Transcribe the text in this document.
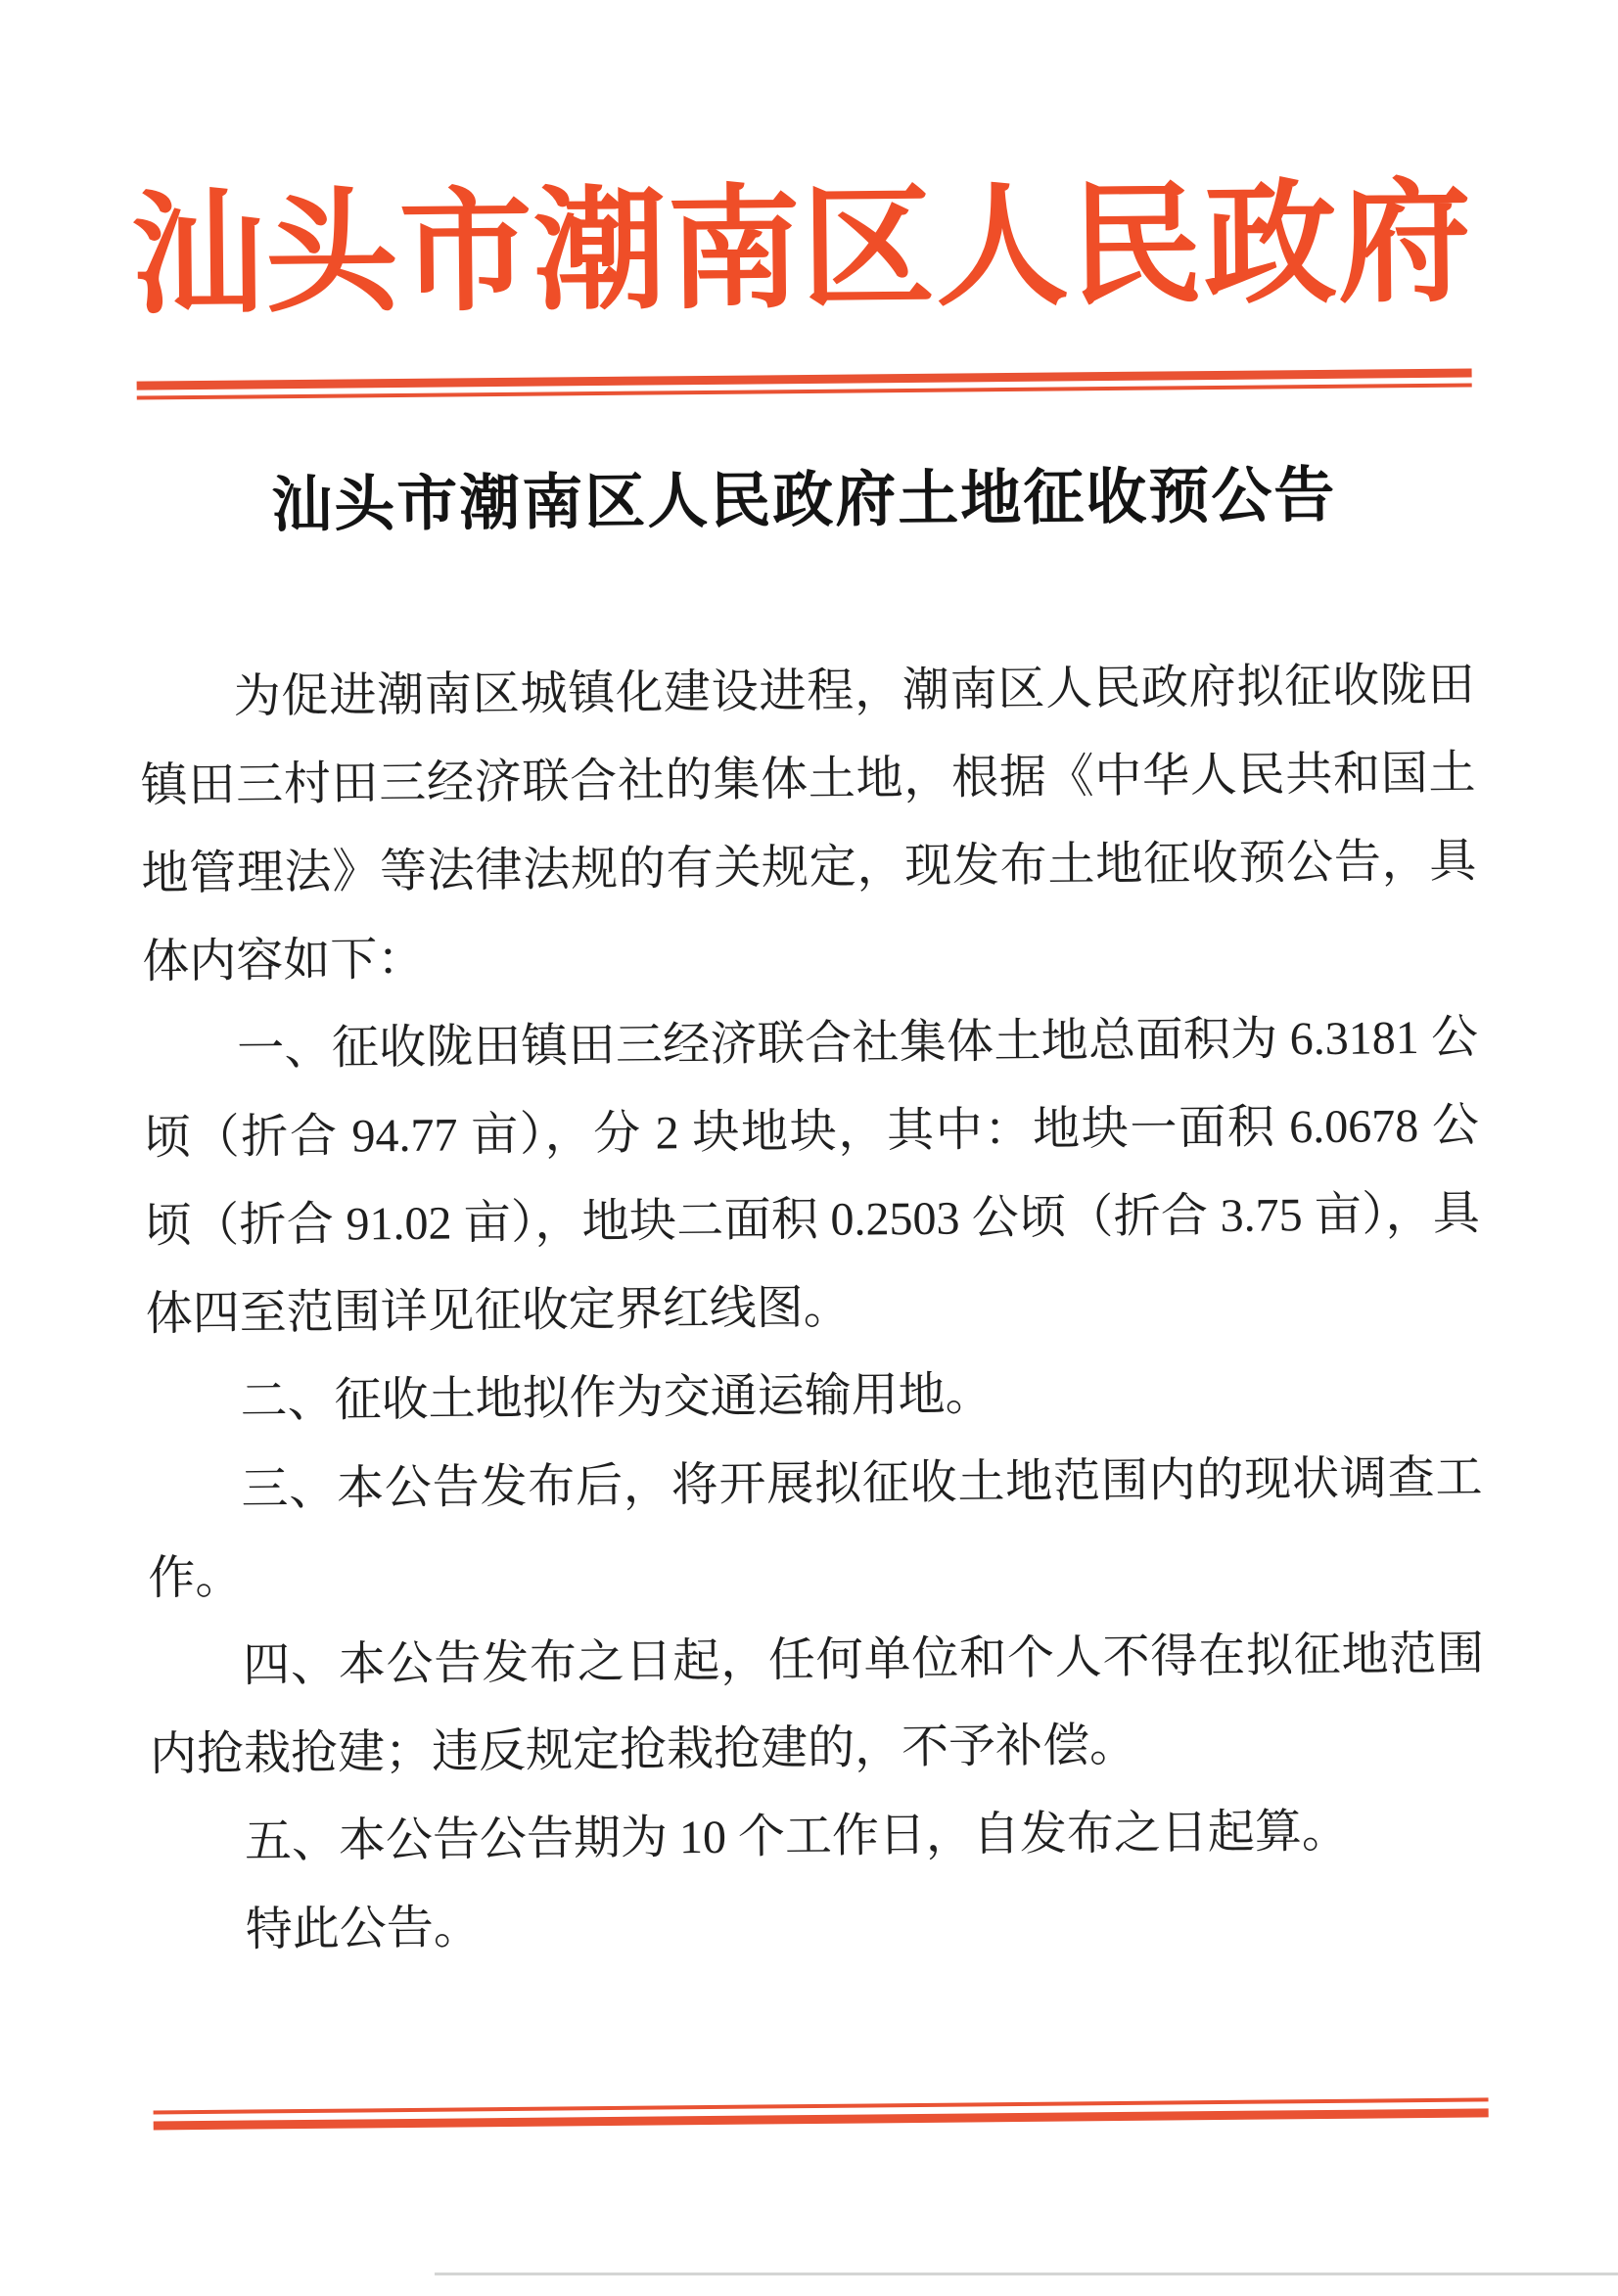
汕头市潮南区人民政府
汕头市潮南区人民政府土地征收预公告

为促进潮南区城镇化建设进程，潮南区人民政府拟征收陇田镇田三村田三经济联合社的集体土地，根据《中华人民共和国土地管理法》等法律法规的有关规定，现发布土地征收预公告，具体内容如下：

一、征收陇田镇田三经济联合社集体土地总面积为 6.3181 公顷（折合 94.77 亩），分 2 块地块，其中：地块一面积 6.0678 公顷（折合 91.02 亩），地块二面积 0.2503 公顷（折合 3.75 亩），具体四至范围详见征收定界红线图。

二、征收土地拟作为交通运输用地。

三、本公告发布后，将开展拟征收土地范围内的现状调查工作。

四、本公告发布之日起，任何单位和个人不得在拟征地范围内抢栽抢建；违反规定抢栽抢建的，不予补偿。

五、本公告公告期为 10 个工作日，自发布之日起算。

特此公告。
